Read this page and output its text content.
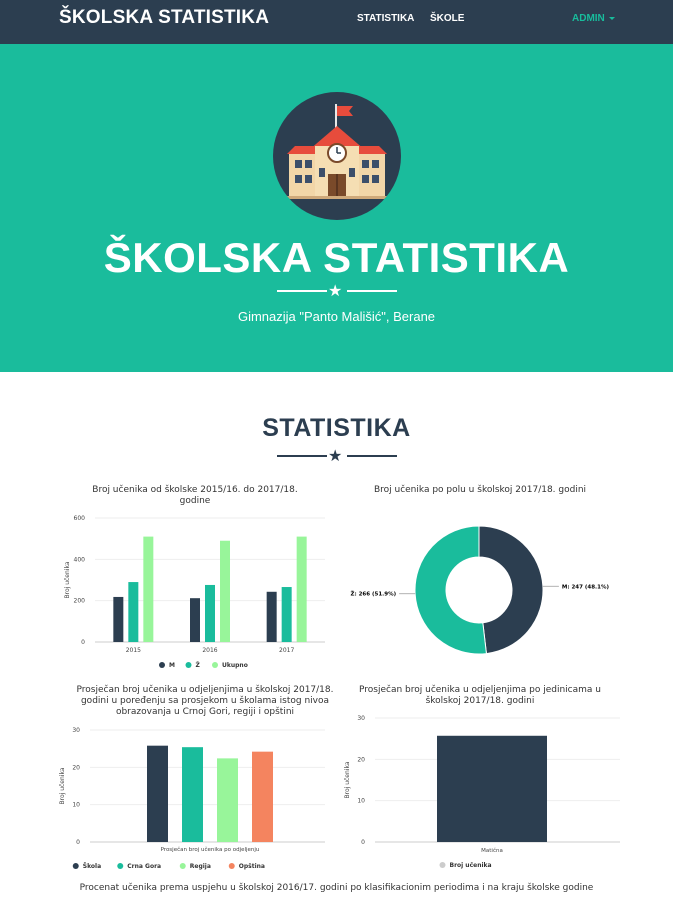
ŠKOLSKA STATISTIKA	STATISTIKA ŠKOLE	ADMIN
ŠKOLSKA STATISTIKA
★
Gimnazija "Panto Mališić", Berane
STATISTIKA
★
Broj učenika od školske 2015/16. do 2017/18. godine
0
200
400
600
Broj učenika
2015	2016	2017
M	Ž	Ukupno
Broj učenika po polu u školskoj 2017/18. godini
M: 247 (48.1%)
Ž: 266 (51.9%)
Prosječan broj učenika u odjeljenjima u školskoj 2017/18. godini u poređenju sa prosjekom u školama istog nivoa obrazovanja u Crnoj Gori, regiji i opštini
0
10
20
30
Broj učenika
Prosječan broj učenika po odjeljenju
Škola	Crna Gora	Regija	Opština
Prosječan broj učenika u odjeljenjima po jedinicama u školskoj 2017/18. godini
0
10
20
30
Broj učenika
Matična
Broj učenika
Procenat učenika prema uspjehu u školskoj 2016/17. godini po klasifikacionim periodima i na kraju školske godine
